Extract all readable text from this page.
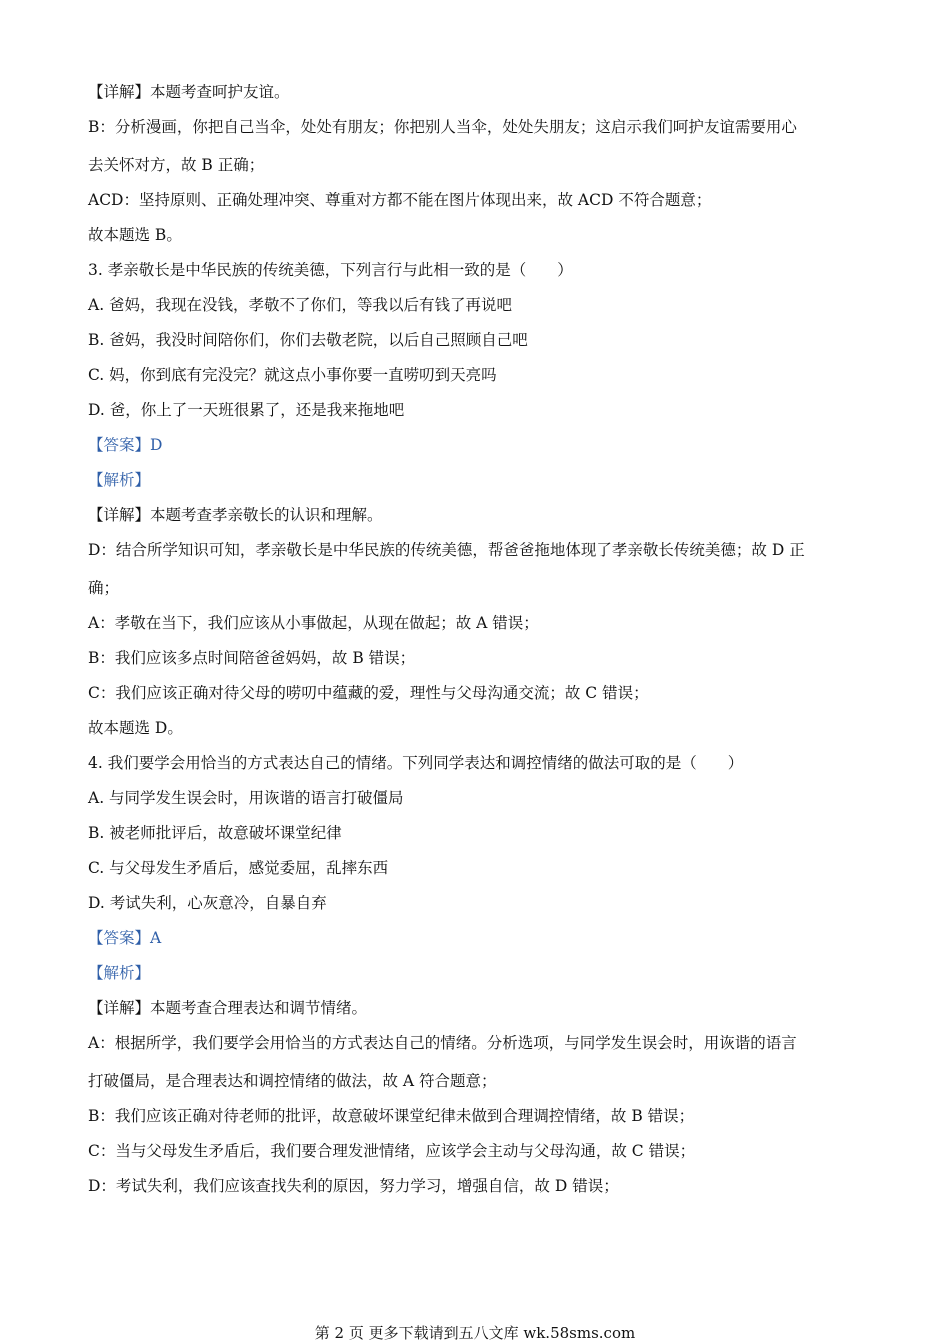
【详解】本题考查呵护友谊。
B：分析漫画，你把自己当伞，处处有朋友；你把别人当伞，处处失朋友；这启示我们呵护友谊需要用心
去关怀对方，故 B 正确；
ACD：坚持原则、正确处理冲突、尊重对方都不能在图片体现出来，故 ACD 不符合题意；
故本题选 B。
3. 孝亲敬长是中华民族的传统美德，下列言行与此相一致的是（　　）
A. 爸妈，我现在没钱，孝敬不了你们，等我以后有钱了再说吧
B. 爸妈，我没时间陪你们，你们去敬老院，以后自己照顾自己吧
C. 妈，你到底有完没完？就这点小事你要一直唠叨到天亮吗
D. 爸，你上了一天班很累了，还是我来拖地吧
【答案】D
【解析】
【详解】本题考查孝亲敬长的认识和理解。
D：结合所学知识可知，孝亲敬长是中华民族的传统美德，帮爸爸拖地体现了孝亲敬长传统美德；故 D 正
确；
A：孝敬在当下，我们应该从小事做起，从现在做起；故 A 错误；
B：我们应该多点时间陪爸爸妈妈，故 B 错误；
C：我们应该正确对待父母的唠叨中蕴藏的爱，理性与父母沟通交流；故 C 错误；
故本题选 D。
4. 我们要学会用恰当的方式表达自己的情绪。下列同学表达和调控情绪的做法可取的是（　　）
A. 与同学发生误会时，用诙谐的语言打破僵局
B. 被老师批评后，故意破坏课堂纪律
C. 与父母发生矛盾后，感觉委屈，乱摔东西
D. 考试失利，心灰意冷，自暴自弃
【答案】A
【解析】
【详解】本题考查合理表达和调节情绪。
A：根据所学，我们要学会用恰当的方式表达自己的情绪。分析选项，与同学发生误会时，用诙谐的语言
打破僵局，是合理表达和调控情绪的做法，故 A 符合题意；
B：我们应该正确对待老师的批评，故意破坏课堂纪律未做到合理调控情绪，故 B 错误；
C：当与父母发生矛盾后，我们要合理发泄情绪，应该学会主动与父母沟通，故 C 错误；
D：考试失利，我们应该查找失利的原因，努力学习，增强自信，故 D 错误；
第 2 页 更多下载请到五八文库 wk.58sms.com
